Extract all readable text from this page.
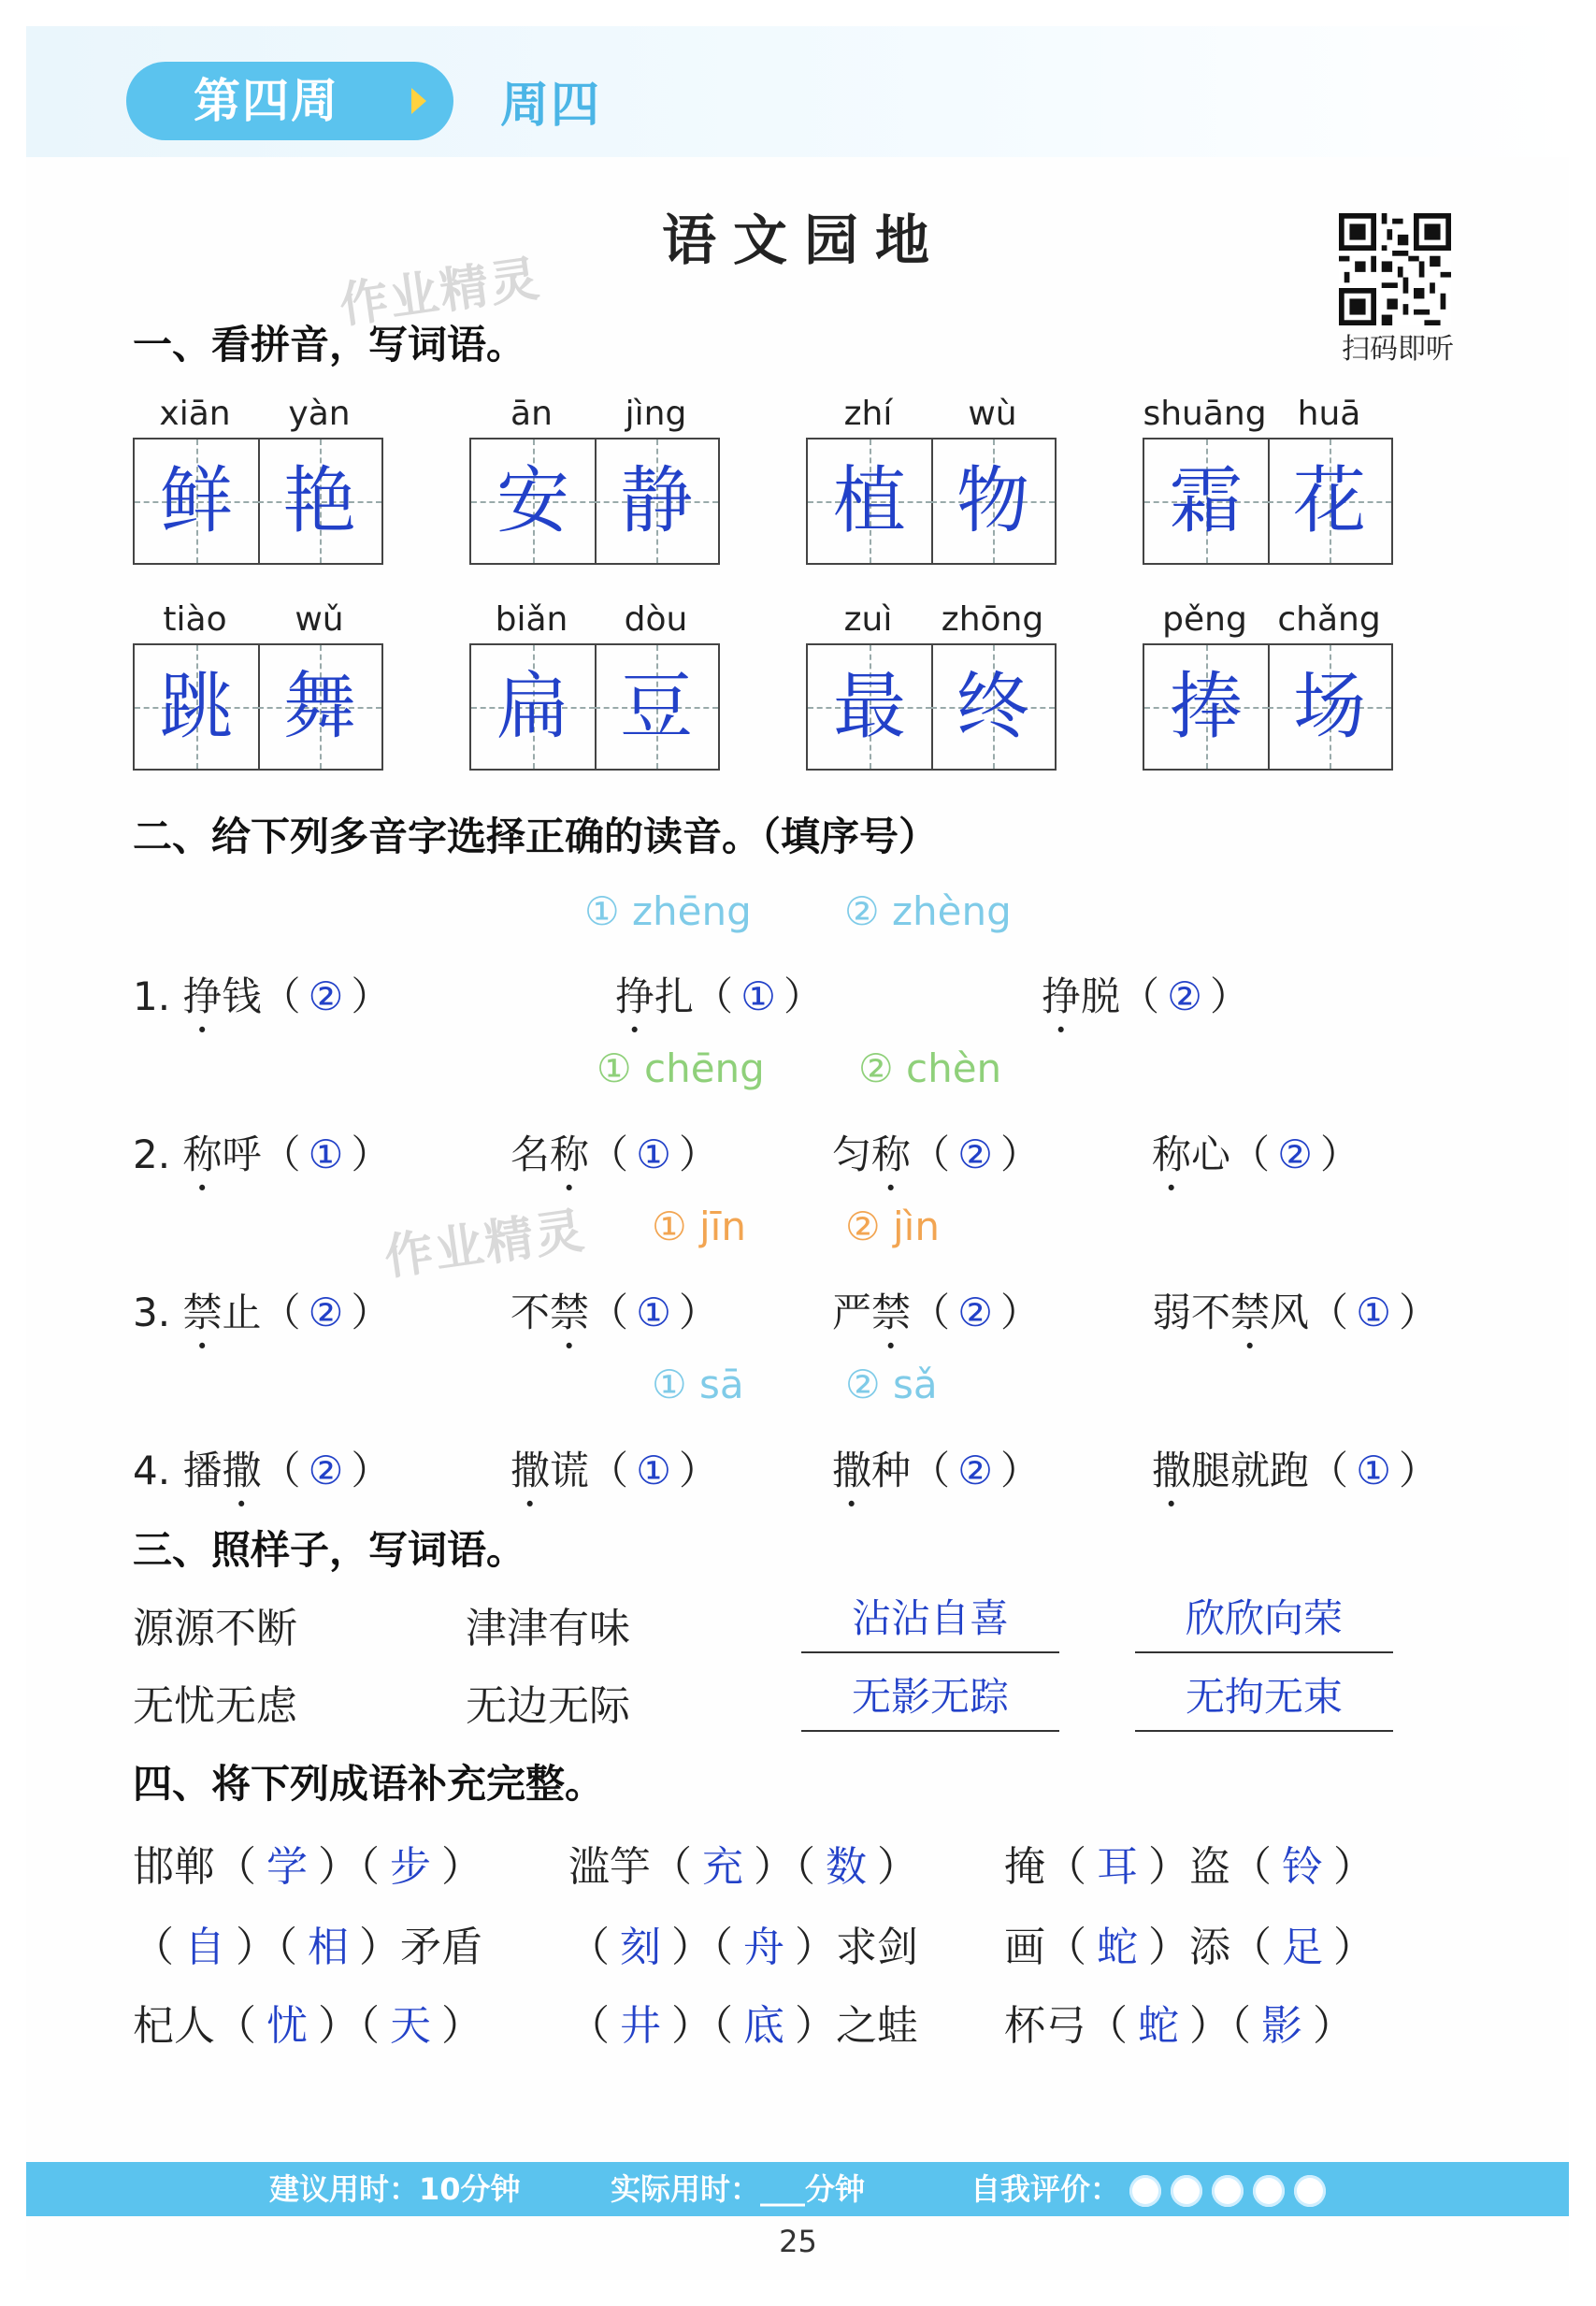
第四周	周四
语文园地
扫码即听
作业精灵
作业精灵
一、看拼音，写词语。
xiān	yàn
鲜 艳
ān	jìng
安 静
zhí	wù
植 物
shuāng huā
霜 花
tiào	wǔ
跳 舞
biǎn	dòu
扁 豆
zuì	zhōng
最 终
pěng chǎng
捧 场
二、给下列多音字选择正确的读音。（填序号）
① zhēng ② zhèng
1. 挣钱（ ② ）	挣扎（ ① ）	挣脱（ ② ）
① chēng ② chèn
2. 称呼（ ① ）	名称（ ① ）	匀称（ ② ）	称心（ ② ）
① jīn	② jìn
3. 禁止（ ② ）	不禁（ ① ）	严禁（ ② ）	弱不禁风（ ① ）
① sā	② sǎ
4. 播撒（ ② ）	撒谎（ ① ）	撒种（ ② ）	撒腿就跑（ ① ）
三、照样子，写词语。
源源不断	津津有味	沾沾自喜	欣欣向荣
无忧无虑	无边无际	无影无踪	无拘无束
四、将下列成语补充完整。
邯郸（ 学 ）（ 步 ） 滥竽（ 充 ）（ 数 ） 掩（ 耳 ）盗（ 铃 ）
（ 自 ）（ 相 ）矛盾 （ 刻 ）（ 舟 ）求剑 画（ 蛇 ）添（ 足 ）
杞人（ 忧 ）（ 天 ） （ 井 ）（ 底 ）之蛙 杯弓（ 蛇 ）（ 影 ）
建议用时：10分钟	实际用时：___分钟	自我评价：
25
